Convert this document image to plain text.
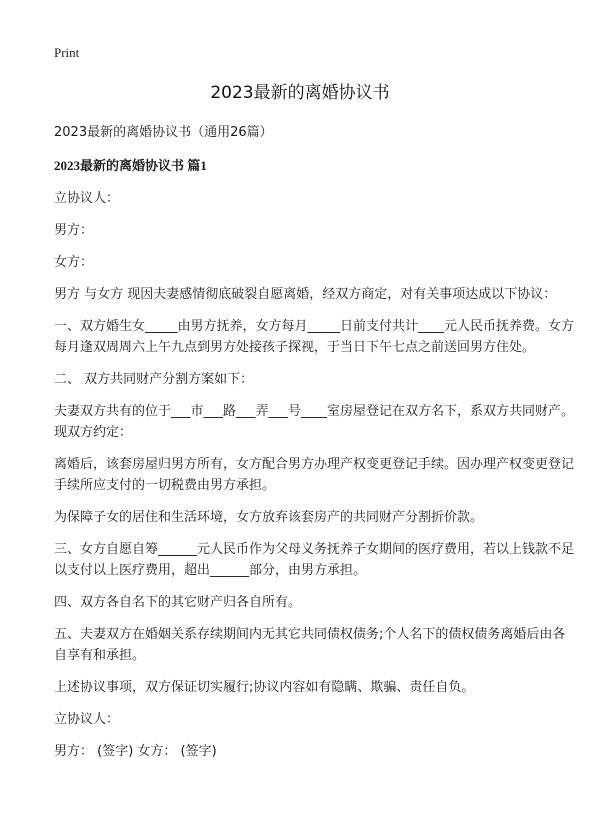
Print
2023最新的离婚协议书

2023最新的离婚协议书（通用26篇）

2023最新的离婚协议书 篇1

立协议人：

男方：

女方：

男方 与女方 现因夫妻感情彻底破裂自愿离婚，经双方商定，对有关事项达成以下协议：

一、双方婚生女_____由男方抚养，女方每月_____日前支付共计____元人民币抚养费。女方每月逢双周周六上午九点到男方处接孩子探视，于当日下午七点之前送回男方住处。

二、 双方共同财产分割方案如下：

夫妻双方共有的位于___市___路___弄___号____室房屋登记在双方名下，系双方共同财产。现双方约定：

离婚后，该套房屋归男方所有，女方配合男方办理产权变更登记手续。因办理产权变更登记手续所应支付的一切税费由男方承担。

为保障子女的居住和生活环境，女方放弃该套房产的共同财产分割折价款。

三、女方自愿自筹______元人民币作为父母义务抚养子女期间的医疗费用，若以上钱款不足以支付以上医疗费用，超出______部分，由男方承担。

四、双方各自名下的其它财产归各自所有。

五、夫妻双方在婚姻关系存续期间内无其它共同债权债务;个人名下的债权债务离婚后由各自享有和承担。

上述协议事项，双方保证切实履行;协议内容如有隐瞒、欺骗、责任自负。

立协议人：

男方： (签字) 女方： (签字)
